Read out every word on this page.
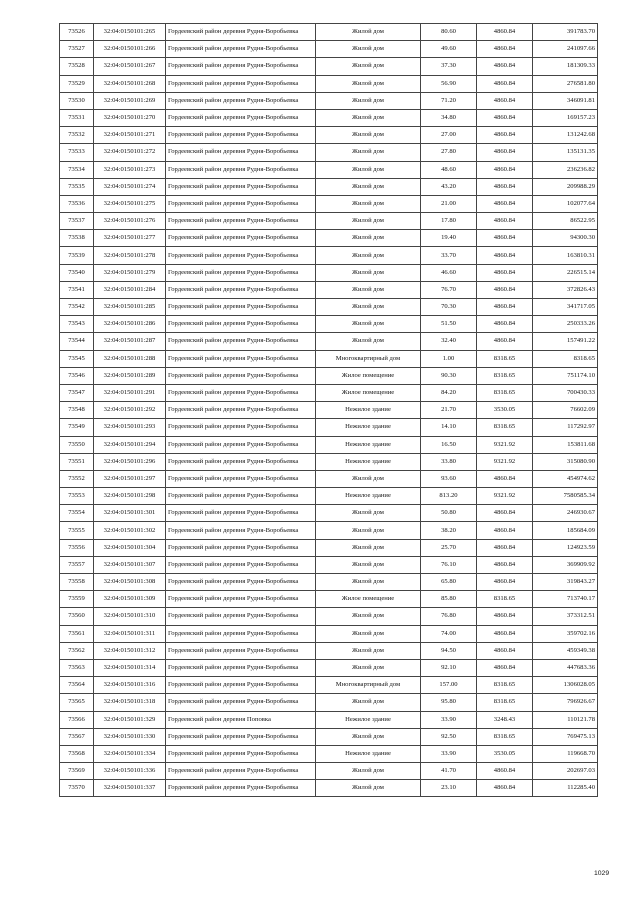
73526	32:04:0150101:265	Гордеевский район деревня Рудня-Воробьевка	Жилой дом	80.60	4860.84	391783.70
73527	32:04:0150101:266	Гордеевский район деревня Рудня-Воробьевка	Жилой дом	49.60	4860.84	241097.66
73528	32:04:0150101:267	Гордеевский район деревня Рудня-Воробьевка	Жилой дом	37.30	4860.84	181309.33
73529	32:04:0150101:268	Гордеевский район деревня Рудня-Воробьевка	Жилой дом	56.90	4860.84	276581.80
73530	32:04:0150101:269	Гордеевский район деревня Рудня-Воробьевка	Жилой дом	71.20	4860.84	346091.81
73531	32:04:0150101:270	Гордеевский район деревня Рудня-Воробьевка	Жилой дом	34.80	4860.84	169157.23
73532	32:04:0150101:271	Гордеевский район деревня Рудня-Воробьевка	Жилой дом	27.00	4860.84	131242.68
73533	32:04:0150101:272	Гордеевский район деревня Рудня-Воробьевка	Жилой дом	27.80	4860.84	135131.35
73534	32:04:0150101:273	Гордеевский район деревня Рудня-Воробьевка	Жилой дом	48.60	4860.84	236236.82
73535	32:04:0150101:274	Гордеевский район деревня Рудня-Воробьевка	Жилой дом	43.20	4860.84	209988.29
73536	32:04:0150101:275	Гордеевский район деревня Рудня-Воробьевка	Жилой дом	21.00	4860.84	102077.64
73537	32:04:0150101:276	Гордеевский район деревня Рудня-Воробьевка	Жилой дом	17.80	4860.84	86522.95
73538	32:04:0150101:277	Гордеевский район деревня Рудня-Воробьевка	Жилой дом	19.40	4860.84	94300.30
73539	32:04:0150101:278	Гордеевский район деревня Рудня-Воробьевка	Жилой дом	33.70	4860.84	163810.31
73540	32:04:0150101:279	Гордеевский район деревня Рудня-Воробьевка	Жилой дом	46.60	4860.84	226515.14
73541	32:04:0150101:284	Гордеевский район деревня Рудня-Воробьевка	Жилой дом	76.70	4860.84	372826.43
73542	32:04:0150101:285	Гордеевский район деревня Рудня-Воробьевка	Жилой дом	70.30	4860.84	341717.05
73543	32:04:0150101:286	Гордеевский район деревня Рудня-Воробьевка	Жилой дом	51.50	4860.84	250333.26
73544	32:04:0150101:287	Гордеевский район деревня Рудня-Воробьевка	Жилой дом	32.40	4860.84	157491.22
73545	32:04:0150101:288	Гордеевский район деревня Рудня-Воробьевка	Многоквартирный дом	1.00	8318.65	8318.65
73546	32:04:0150101:289	Гордеевский район деревня Рудня-Воробьевка	Жилое помещение	90.30	8318.65	751174.10
73547	32:04:0150101:291	Гордеевский район деревня Рудня-Воробьевка	Жилое помещение	84.20	8318.65	700430.33
73548	32:04:0150101:292	Гордеевский район деревня Рудня-Воробьевка	Нежилое здание	21.70	3530.05	76602.09
73549	32:04:0150101:293	Гордеевский район деревня Рудня-Воробьевка	Нежилое здание	14.10	8318.65	117292.97
73550	32:04:0150101:294	Гордеевский район деревня Рудня-Воробьевка	Нежилое здание	16.50	9321.92	153811.68
73551	32:04:0150101:296	Гордеевский район деревня Рудня-Воробьевка	Нежилое здание	33.80	9321.92	315080.90
73552	32:04:0150101:297	Гордеевский район деревня Рудня-Воробьевка	Жилой дом	93.60	4860.84	454974.62
73553	32:04:0150101:298	Гордеевский район деревня Рудня-Воробьевка	Нежилое здание	813.20	9321.92	7580585.34
73554	32:04:0150101:301	Гордеевский район деревня Рудня-Воробьевка	Жилой дом	50.80	4860.84	246930.67
73555	32:04:0150101:302	Гордеевский район деревня Рудня-Воробьевка	Жилой дом	38.20	4860.84	185684.09
73556	32:04:0150101:304	Гордеевский район деревня Рудня-Воробьевка	Жилой дом	25.70	4860.84	124923.59
73557	32:04:0150101:307	Гордеевский район деревня Рудня-Воробьевка	Жилой дом	76.10	4860.84	369909.92
73558	32:04:0150101:308	Гордеевский район деревня Рудня-Воробьевка	Жилой дом	65.80	4860.84	319843.27
73559	32:04:0150101:309	Гордеевский район деревня Рудня-Воробьевка	Жилое помещение	85.80	8318.65	713740.17
73560	32:04:0150101:310	Гордеевский район деревня Рудня-Воробьевка	Жилой дом	76.80	4860.84	373312.51
73561	32:04:0150101:311	Гордеевский район деревня Рудня-Воробьевка	Жилой дом	74.00	4860.84	359702.16
73562	32:04:0150101:312	Гордеевский район деревня Рудня-Воробьевка	Жилой дом	94.50	4860.84	459349.38
73563	32:04:0150101:314	Гордеевский район деревня Рудня-Воробьевка	Жилой дом	92.10	4860.84	447683.36
73564	32:04:0150101:316	Гордеевский район деревня Рудня-Воробьевка	Многоквартирный дом	157.00	8318.65	1306028.05
73565	32:04:0150101:318	Гордеевский район деревня Рудня-Воробьевка	Жилой дом	95.80	8318.65	796926.67
73566	32:04:0150101:329	Гордеевский район деревня Поповка	Нежилое здание	33.90	3248.43	110121.78
73567	32:04:0150101:330	Гордеевский район деревня Рудня-Воробьевка	Жилой дом	92.50	8318.65	769475.13
73568	32:04:0150101:334	Гордеевский район деревня Рудня-Воробьевка	Нежилое здание	33.90	3530.05	119668.70
73569	32:04:0150101:336	Гордеевский район деревня Рудня-Воробьевка	Жилой дом	41.70	4860.84	202697.03
73570	32:04:0150101:337	Гордеевский район деревня Рудня-Воробьевка	Жилой дом	23.10	4860.84	112285.40
1029
